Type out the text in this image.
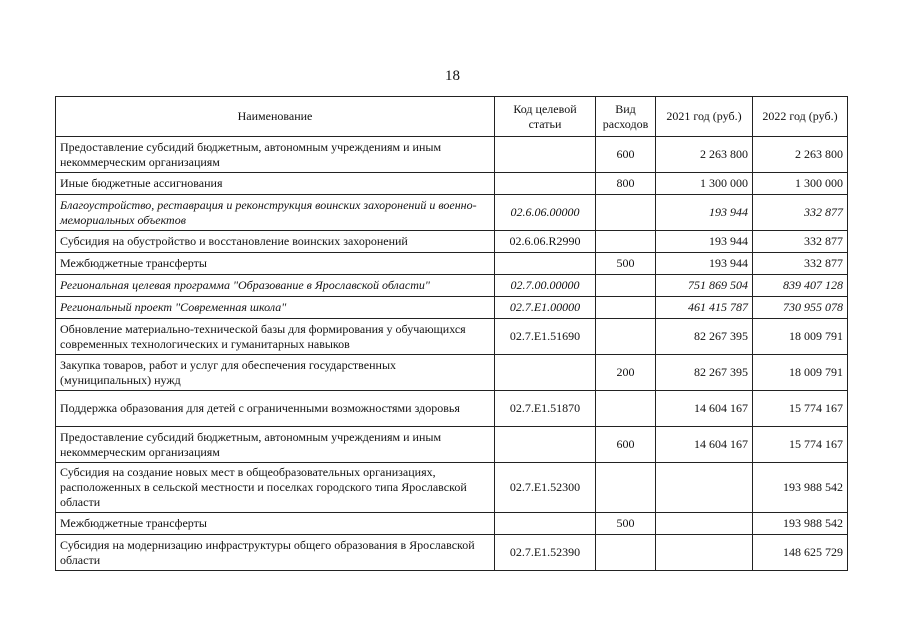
18
Наименование	Код целевой статьи	Вид расходов	2021 год (руб.)	2022 год (руб.)
Предоставление субсидий бюджетным, автономным учреждениям и иным некоммерческим организациям		600	2 263 800	2 263 800
Иные бюджетные ассигнования		800	1 300 000	1 300 000
Благоустройство, реставрация и реконструкция воинских захоронений и военно-мемориальных объектов	02.6.06.00000		193 944	332 877
Субсидия на обустройство и восстановление воинских захоронений	02.6.06.R2990		193 944	332 877
Межбюджетные трансферты		500	193 944	332 877
Региональная целевая программа "Образование в Ярославской области"	02.7.00.00000		751 869 504	839 407 128
Региональный проект "Современная школа"	02.7.E1.00000		461 415 787	730 955 078
Обновление материально-технической базы для формирования у обучающихся современных технологических и гуманитарных навыков	02.7.E1.51690		82 267 395	18 009 791
Закупка товаров, работ и услуг для обеспечения государственных (муниципальных) нужд		200	82 267 395	18 009 791
Поддержка образования для детей с ограниченными возможностями здоровья	02.7.E1.51870		14 604 167	15 774 167
Предоставление субсидий бюджетным, автономным учреждениям и иным некоммерческим организациям		600	14 604 167	15 774 167
Субсидия на создание новых мест в общеобразовательных организациях, расположенных в сельской местности и поселках городского типа Ярославской области	02.7.E1.52300			193 988 542
Межбюджетные трансферты		500		193 988 542
Субсидия на модернизацию инфраструктуры общего образования в Ярославской области	02.7.E1.52390			148 625 729
